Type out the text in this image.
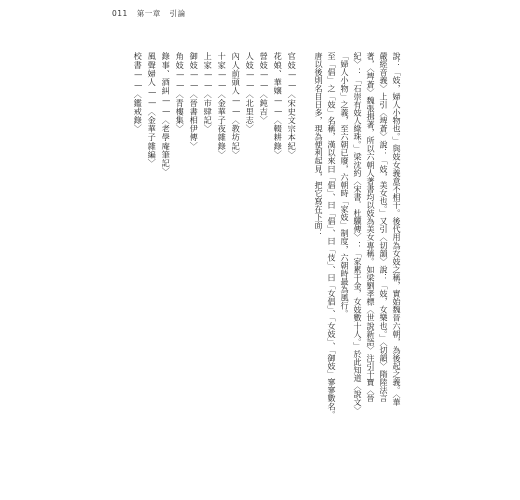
011 第一章 引論
說：「妓，婦人小物也。」與妓女義意不相干。後代用為女妓之稱，實始魏晉六朝，為後起之義。〈華
嚴經音義〉上引〈埤蒼〉說：「妓，美女也。」又引〈切韻〉說：「妓，女樂也。」〈切韻〉隋陸法言
著，〈埤蒼〉魏張揖著，所以六朝人著書均以妓為美女專稱。如梁劉孝標〈世說新語〉注引干寶〈晉
紀〉：「石崇有妓人綠珠。」梁沈約〈宋書．杜驥傳〉：「家累千金，女妓數十人。」於此知道〈說文〉
「婦人小物」之義，至六朝已廢，六朝時「家妓」制度，六朝時最為風行。
至「倡」之「妓」名稱，漢以來曰「倡」、曰「倡」、曰「伎」、曰「女倡」、「女妓」、「御妓」寥寥數名。
唐以後則名目日多，現為便利起見，把它寫在下面：
官妓——〈宋史文宗本紀〉
花娘、華嬢——〈輟耕錄〉
營妓——〈鈍吉〉
人妓——〈北里志〉
內人前頭人——〈教坊記〉
十家——〈金華子夜雜錄〉
上家——〈市肆記〉
御妓——〈晉書相伊傳〉
角妓——〈青樓集〉
錄事、酒糾——〈老學庵筆記〉
風聲婦人——〈金華子雜編〉
校書——〈鑑戒錄〉
